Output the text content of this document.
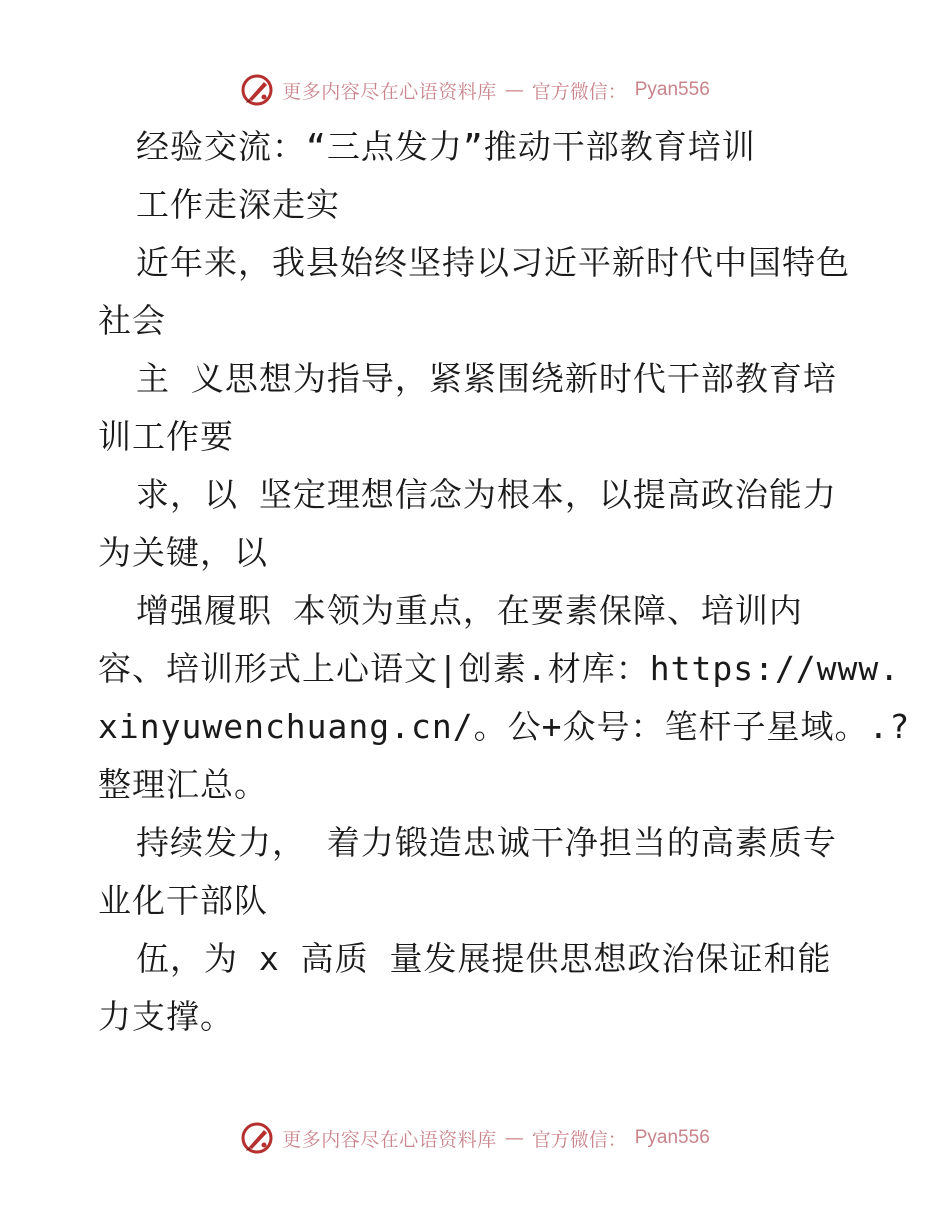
更多内容尽在心语资料库 — 官方微信： Pyan556
经验交流：“三点发力”推动干部教育培训
工作走深走实
近年来，我县始终坚持以习近平新时代中国特色
社会
主 义思想为指导，紧紧围绕新时代干部教育培
训工作要
求，以 坚定理想信念为根本，以提高政治能力
为关键，以
增强履职 本领为重点，在要素保障、培训内
容、培训形式上心语文|创素.材库：https://www.
xinyuwenchuang.cn/。公+众号：笔杆子星域。.?
整理汇总。
持续发力， 着力锻造忠诚干净担当的高素质专
业化干部队
伍，为 x 高质 量发展提供思想政治保证和能
力支撑。
更多内容尽在心语资料库 — 官方微信： Pyan556
